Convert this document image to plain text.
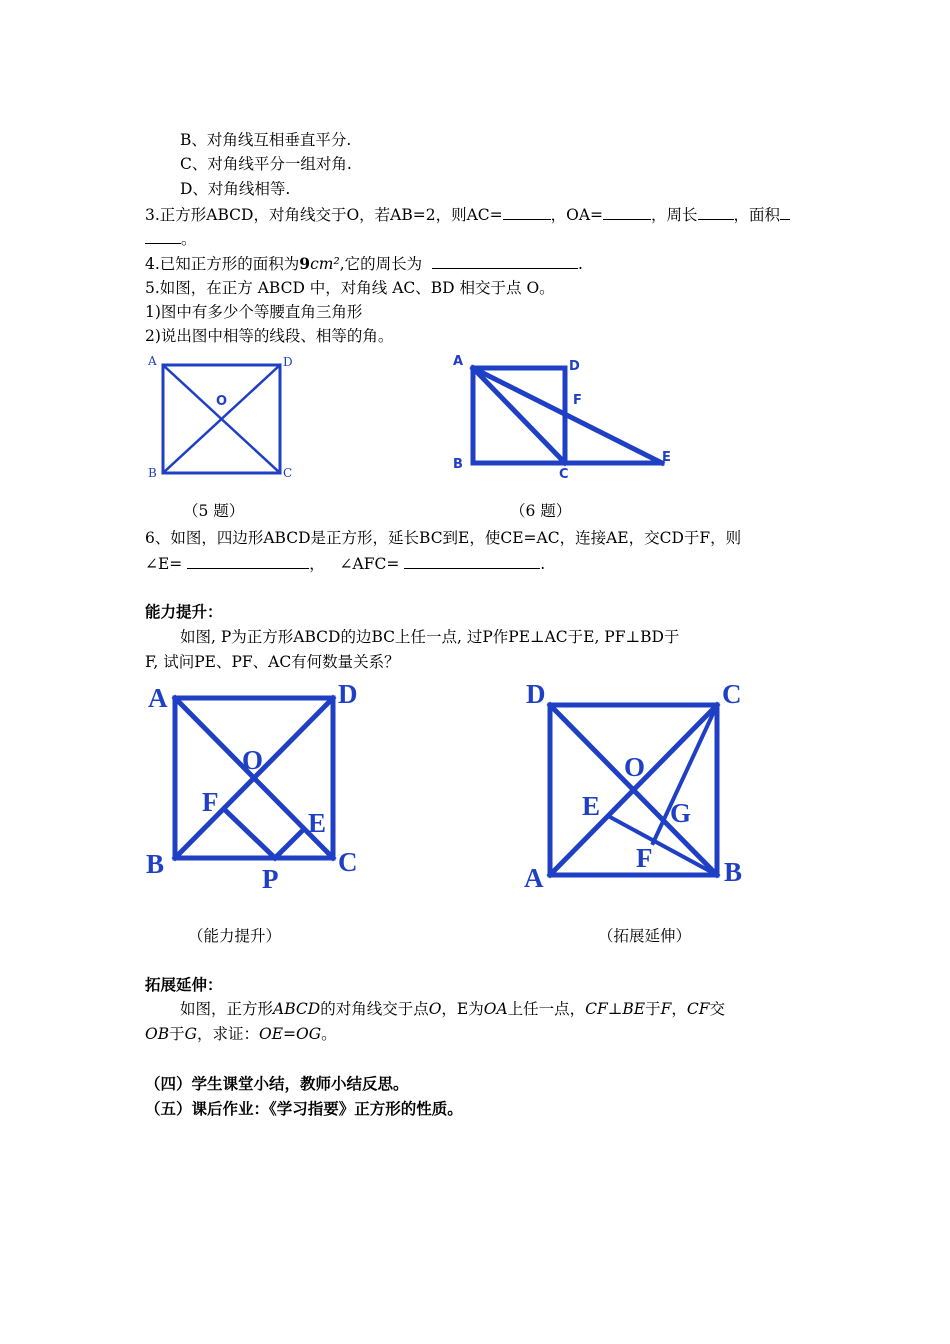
B、对角线互相垂直平分.
C、对角线平分一组对角.
D、对角线相等.
3.正方形ABCD，对角线交于O，若AB=2，则AC=	，OA=	，周长 ，面积
。
4.已知正方形的面积为9cm²,它的周长为	.
5.如图，在正方 ABCD 中，对角线 AC、BD 相交于点 O。
1)图中有多少个等腰直角三角形
2)说出图中相等的线段、相等的角。
A	D
B	C
O
（5 题）
A	D
F
B
C
E
（6 题）
6、如图，四边形ABCD是正方形，延长BC到E，使CE=AC，连接AE，交CD于F，则
∠E=	， ∠AFC=	.
能力提升：
如图, P为正方形ABCD的边BC上任一点, 过P作PE⊥AC于E, PF⊥BD于
F, 试问PE、PF、AC有何数量关系？
A	D
O
F
E
B	C
P
（能力提升）
D	C
O
E	G
F
A	B
（拓展延伸）
拓展延伸：
如图，正方形ABCD的对角线交于点O，E为OA上任一点，CF⊥BE于F，CF交
OB于G，求证：OE=OG。
（四）学生课堂小结，教师小结反思。
（五）课后作业：《学习指要》正方形的性质。
